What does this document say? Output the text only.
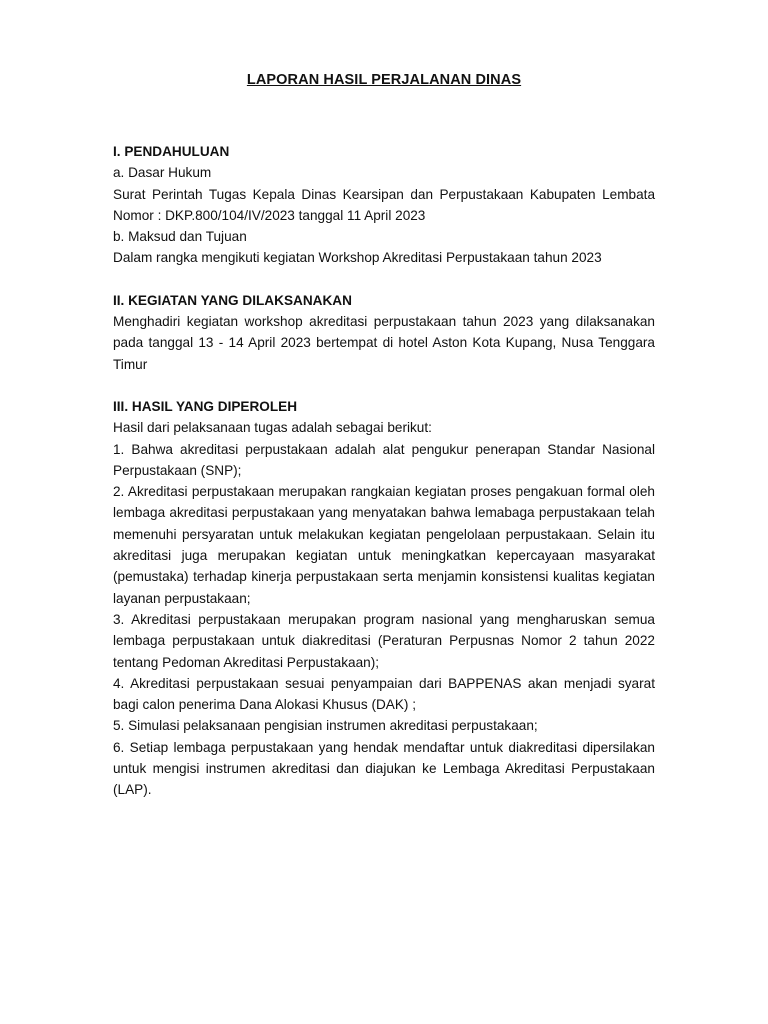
LAPORAN HASIL PERJALANAN DINAS
I. PENDAHULUAN

a. Dasar Hukum

Surat Perintah Tugas Kepala Dinas Kearsipan dan Perpustakaan Kabupaten Lembata Nomor : DKP.800/104/IV/2023 tanggal 11 April 2023

b. Maksud dan Tujuan

Dalam rangka mengikuti kegiatan Workshop Akreditasi Perpustakaan tahun 2023

II. KEGIATAN YANG DILAKSANAKAN

Menghadiri kegiatan workshop akreditasi perpustakaan tahun 2023 yang dilaksanakan pada tanggal 13 - 14 April 2023 bertempat di hotel Aston Kota Kupang, Nusa Tenggara Timur

III. HASIL YANG DIPEROLEH

Hasil dari pelaksanaan tugas adalah sebagai berikut:

1. Bahwa akreditasi perpustakaan adalah alat pengukur penerapan Standar Nasional Perpustakaan (SNP);

2. Akreditasi perpustakaan merupakan rangkaian kegiatan proses pengakuan formal oleh lembaga akreditasi perpustakaan yang menyatakan bahwa lemabaga perpustakaan telah memenuhi persyaratan untuk melakukan kegiatan pengelolaan perpustakaan. Selain itu akreditasi juga merupakan kegiatan untuk meningkatkan kepercayaan masyarakat (pemustaka) terhadap kinerja perpustakaan serta menjamin konsistensi kualitas kegiatan layanan perpustakaan;

3. Akreditasi perpustakaan merupakan program nasional yang mengharuskan semua lembaga perpustakaan untuk diakreditasi (Peraturan Perpusnas Nomor 2 tahun 2022 tentang Pedoman Akreditasi Perpustakaan);

4. Akreditasi perpustakaan sesuai penyampaian dari BAPPENAS akan menjadi syarat bagi calon penerima Dana Alokasi Khusus (DAK) ;

5. Simulasi pelaksanaan pengisian instrumen akreditasi perpustakaan;

6. Setiap lembaga perpustakaan yang hendak mendaftar untuk diakreditasi dipersilakan untuk mengisi instrumen akreditasi dan diajukan ke Lembaga Akreditasi Perpustakaan (LAP).
